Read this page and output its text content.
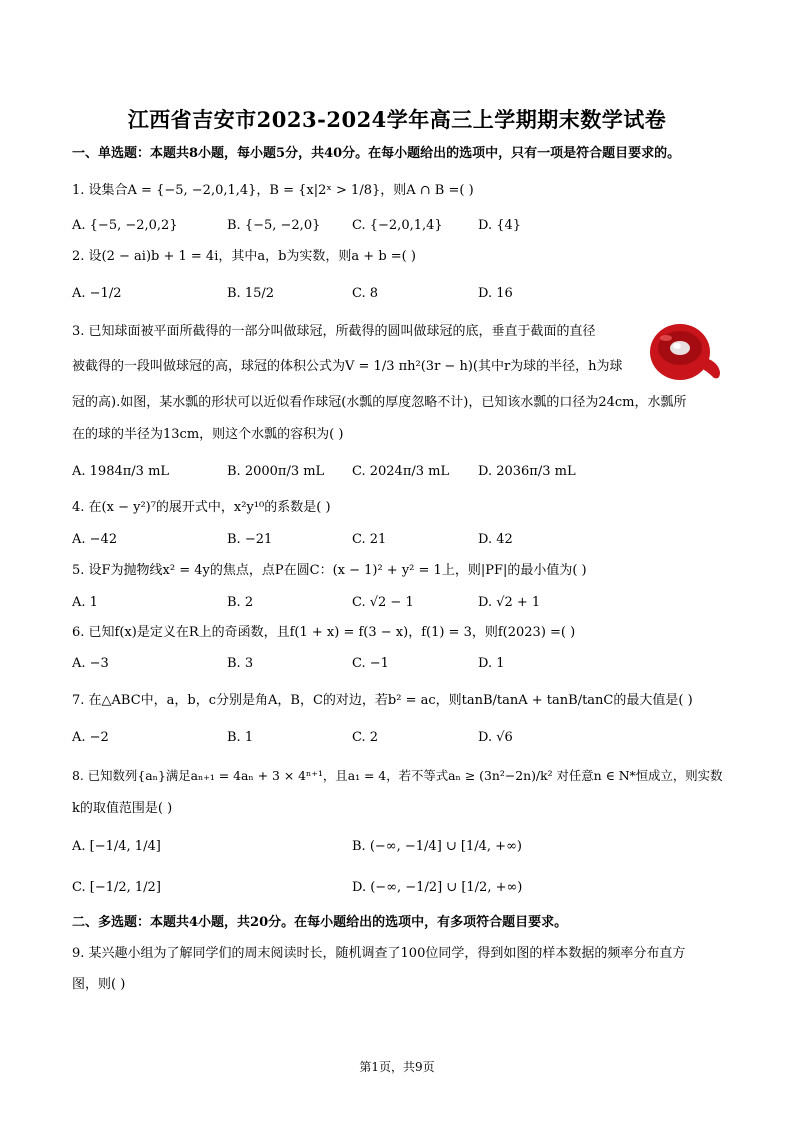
江西省吉安市2023-2024学年高三上学期期末数学试卷
一、单选题：本题共8小题，每小题5分，共40分。在每小题给出的选项中，只有一项是符合题目要求的。
1. 设集合A = {−5, −2,0,1,4}，B = {x|2ˣ > 1/8}，则A ∩ B =( )
A. {−5, −2,0,2}	B. {−5, −2,0} C. {−2,0,1,4}	D. {4}
2. 设(2 − ai)b + 1 = 4i，其中a，b为实数，则a + b =( )
A. −1/2	B. 15/2	C. 8	D. 16
3. 已知球面被平面所截得的一部分叫做球冠，所截得的圆叫做球冠的底，垂直于截面的直径
被截得的一段叫做球冠的高，球冠的体积公式为V = 1/3 πh²(3r − h)(其中r为球的半径，h为球
冠的高).如图，某水瓢的形状可以近似看作球冠(水瓢的厚度忽略不计)，已知该水瓢的口径为24cm，水瓢所
在的球的半径为13cm，则这个水瓢的容积为( )
A. 1984π/3 mL	B. 2000π/3 mL C. 2024π/3 mL D. 2036π/3 mL
4. 在(x − y²)⁷的展开式中，x²y¹⁰的系数是( )
A. −42	B. −21	C. 21	D. 42
5. 设F为抛物线x² = 4y的焦点，点P在圆C：(x − 1)² + y² = 1上，则|PF|的最小值为( )
A. 1	B. 2	C. √2 − 1	D. √2 + 1
6. 已知f(x)是定义在R上的奇函数，且f(1 + x) = f(3 − x)，f(1) = 3，则f(2023) =( )
A. −3	B. 3	C. −1	D. 1
7. 在△ABC中，a，b，c分别是角A，B，C的对边，若b² = ac，则tanB/tanA + tanB/tanC的最大值是( )
A. −2	B. 1	C. 2	D. √6
8. 已知数列{aₙ}满足aₙ₊₁ = 4aₙ + 3 × 4ⁿ⁺¹，且a₁ = 4，若不等式aₙ ≥ (3n²−2n)/k² 对任意n ∈ N*恒成立，则实数
k的取值范围是( )
A. [−1/4, 1/4]	B. (−∞, −1/4] ∪ [1/4, +∞)
C. [−1/2, 1/2]	D. (−∞, −1/2] ∪ [1/2, +∞)
二、多选题：本题共4小题，共20分。在每小题给出的选项中，有多项符合题目要求。
9. 某兴趣小组为了解同学们的周末阅读时长，随机调查了100位同学，得到如图的样本数据的频率分布直方
图，则( )
第1页，共9页
